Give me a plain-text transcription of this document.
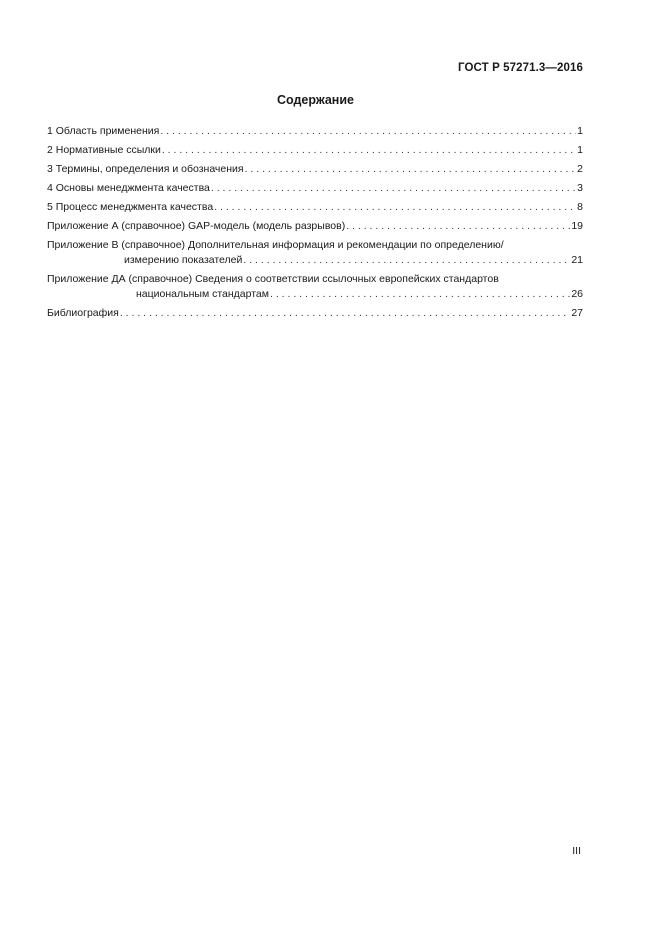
ГОСТ Р 57271.3—2016
Содержание
1 Область применения . . .	1
2 Нормативные ссылки . . .	1
3 Термины, определения и обозначения . . .	2
4 Основы менеджмента качества . . .	3
5 Процесс менеджмента качества . . .	8
Приложение А (справочное) GAP-модель (модель разрывов) . . .	19
Приложение В (справочное) Дополнительная информация и рекомендации по определению/
измерению показателей . . .	21
Приложение ДА (справочное) Сведения о соответствии ссылочных европейских стандартов
национальным стандартам . . .	26
Библиография . . .	27
III
